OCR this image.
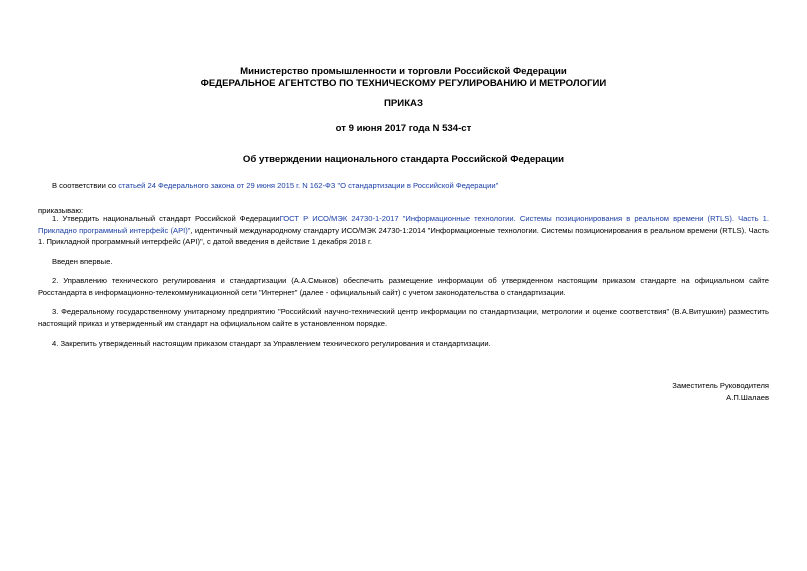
Министерство промышленности и торговли Российской Федерации
ФЕДЕРАЛЬНОЕ АГЕНТСТВО ПО ТЕХНИЧЕСКОМУ РЕГУЛИРОВАНИЮ И МЕТРОЛОГИИ
ПРИКАЗ
от 9 июня 2017 года N 534-ст
Об утверждении национального стандарта Российской Федерации

В соответствии со статьей 24 Федерального закона от 29 июня 2015 г. N 162-ФЗ "О стандартизации в Российской Федерации"

приказываю:

1. Утвердить национальный стандарт Российской ФедерацииГОСТ Р ИСО/МЭК 24730-1-2017 "Информационные технологии. Системы позиционирования в реальном времени (RTLS). Часть 1. Прикладно программный интерфейс (API)", идентичный международному стандарту ИСО/МЭК 24730-1:2014 "Информационные технологии. Системы позиционирования в реальном времени (RTLS). Часть 1. Прикладной программный интерфейс (API)", с датой введения в действие 1 декабря 2018 г.

Введен впервые.

2. Управлению технического регулирования и стандартизации (А.А.Смыков) обеспечить размещение информации об утвержденном настоящим приказом стандарте на официальном сайте Росстандарта в информационно-телекоммуникационной сети "Интернет" (далее - официальный сайт) с учетом законодательства о стандартизации.

3. Федеральному государственному унитарному предприятию "Российский научно-технический центр информации по стандартизации, метрологии и оценке соответствия" (В.А.Витушкин) разместить настоящий приказ и утвержденный им стандарт на официальном сайте в установленном порядке.

4. Закрепить утвержденный настоящим приказом стандарт за Управлением технического регулирования и стандартизации.

Заместитель Руководителя
А.П.Шалаев
